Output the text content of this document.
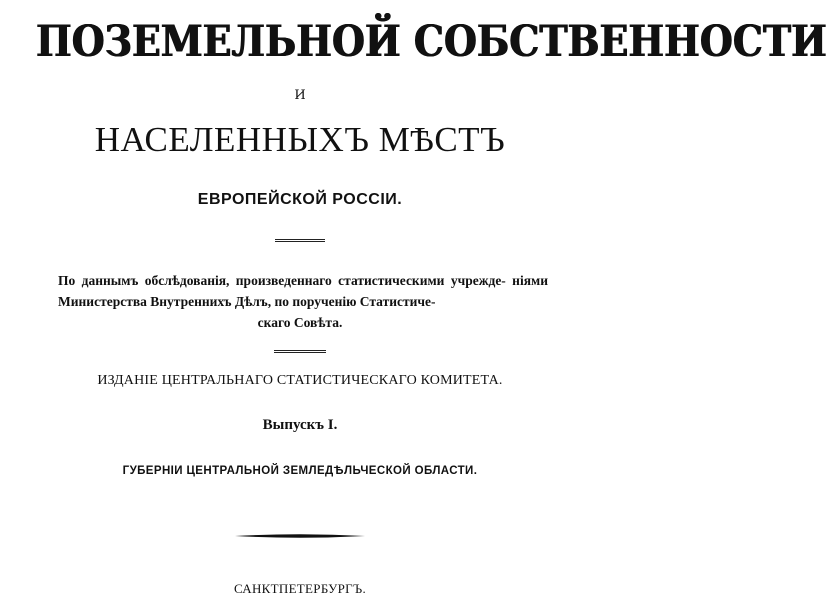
ПОЗЕМЕЛЬНОЙ СОБСТВЕННОСТИ
И
НАСЕЛЕННЫХЪ МѢСТЪ
ЕВРОПЕЙСКОЙ РОССІИ.
По даннымъ обслѣдованія, произведеннаго статистическими учрежде- ніями Министерства Внутреннихъ Дѣлъ, по порученію Статистиче-
скаго Совѣта.
ИЗДАНІЕ ЦЕНТРАЛЬНАГО СТАТИСТИЧЕСКАГО КОМИТЕТА.
Выпускъ I.
ГУБЕРНІИ ЦЕНТРАЛЬНОЙ ЗЕМЛЕДѢЛЬЧЕСКОЙ ОБЛАСТИ.
САНКТПЕТЕРБУРГЪ.
